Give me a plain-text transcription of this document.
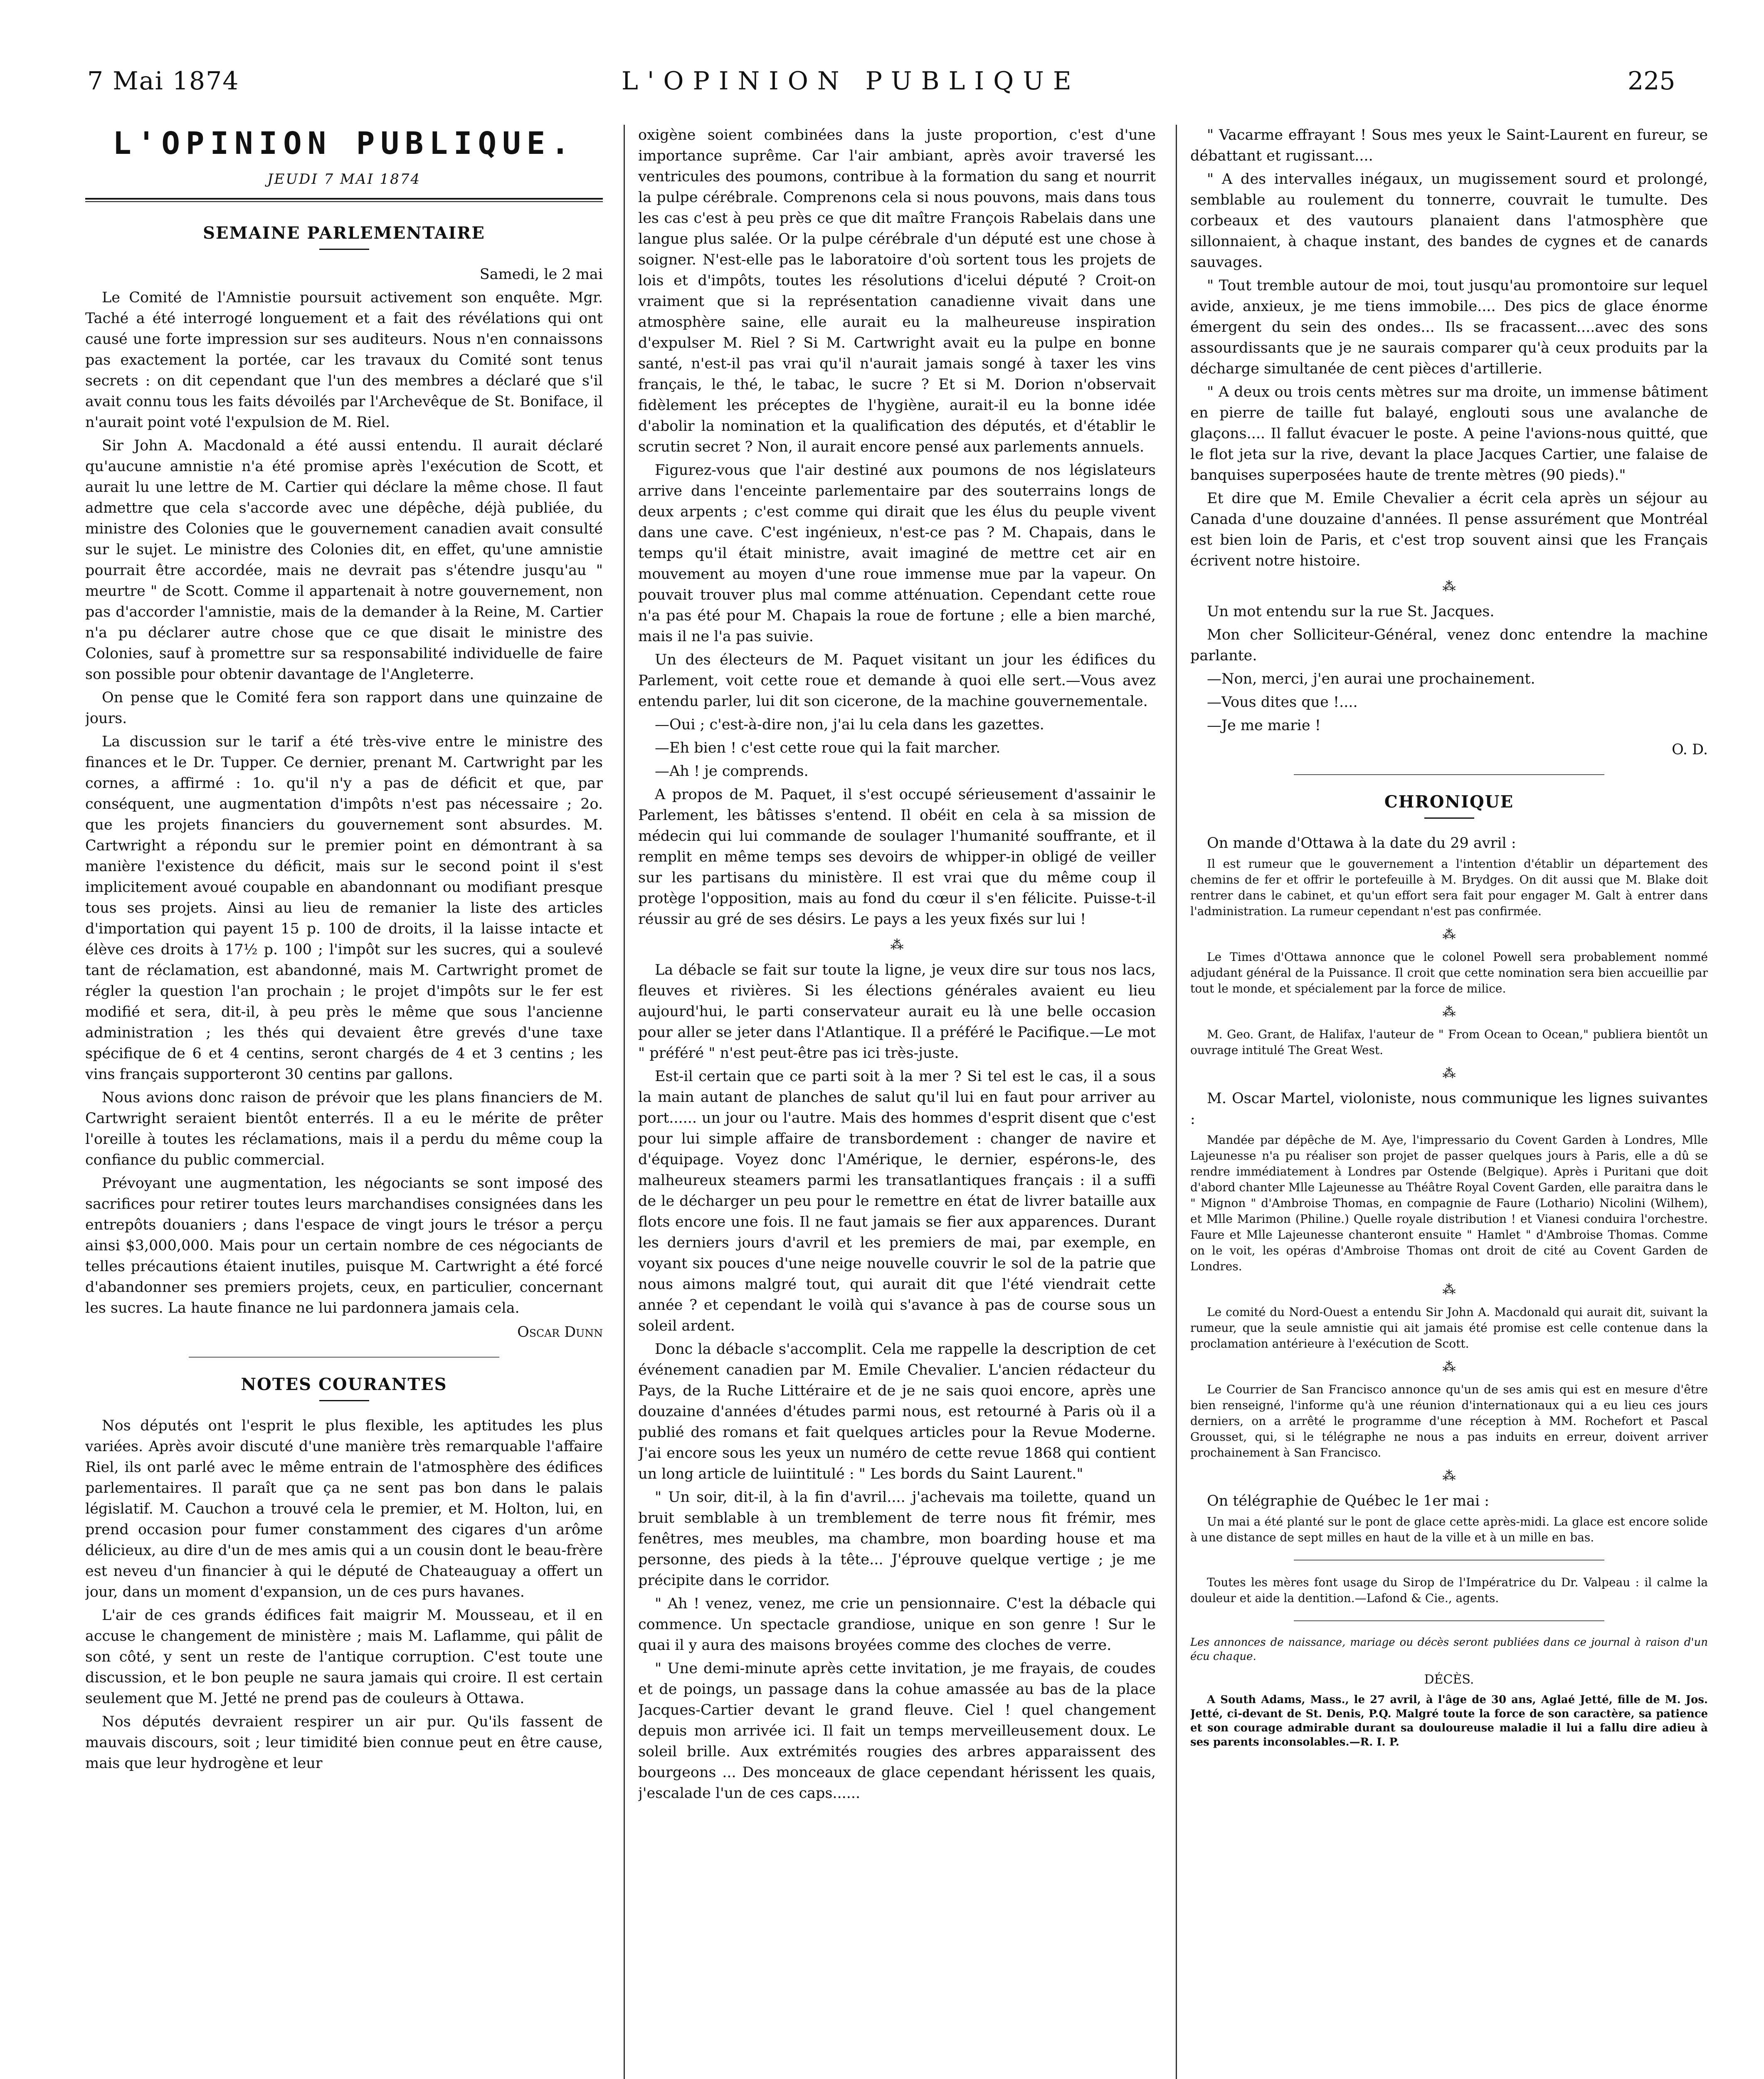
7 Mai 1874	L'OPINION PUBLIQUE	225
L'OPINION PUBLIQUE.
JEUDI 7 MAI 1874
SEMAINE PARLEMENTAIRE

Samedi, le 2 mai

Le Comité de l'Amnistie poursuit activement son enquête. Mgr. Taché a été interrogé longuement et a fait des révélations qui ont causé une forte impression sur ses auditeurs. Nous n'en connaissons pas exactement la portée, car les travaux du Comité sont tenus secrets : on dit cependant que l'un des membres a déclaré que s'il avait connu tous les faits dévoilés par l'Archevêque de St. Boniface, il n'aurait point voté l'expulsion de M. Riel.

Sir John A. Macdonald a été aussi entendu. Il aurait déclaré qu'aucune amnistie n'a été promise après l'exécution de Scott, et aurait lu une lettre de M. Cartier qui déclare la même chose. Il faut admettre que cela s'accorde avec une dépêche, déjà publiée, du ministre des Colonies que le gouvernement canadien avait consulté sur le sujet. Le ministre des Colonies dit, en effet, qu'une amnistie pourrait être accordée, mais ne devrait pas s'étendre jusqu'au " meurtre " de Scott. Comme il appartenait à notre gouvernement, non pas d'accorder l'amnistie, mais de la demander à la Reine, M. Cartier n'a pu déclarer autre chose que ce que disait le ministre des Colonies, sauf à promettre sur sa responsabilité individuelle de faire son possible pour obtenir davantage de l'Angleterre.

On pense que le Comité fera son rapport dans une quinzaine de jours.

La discussion sur le tarif a été très-vive entre le ministre des finances et le Dr. Tupper. Ce dernier, prenant M. Cartwright par les cornes, a affirmé : 1o. qu'il n'y a pas de déficit et que, par conséquent, une augmentation d'impôts n'est pas nécessaire ; 2o. que les projets financiers du gouvernement sont absurdes. M. Cartwright a répondu sur le premier point en démontrant à sa manière l'existence du déficit, mais sur le second point il s'est implicitement avoué coupable en abandonnant ou modifiant presque tous ses projets. Ainsi au lieu de remanier la liste des articles d'importation qui payent 15 p. 100 de droits, il la laisse intacte et élève ces droits à 17½ p. 100 ; l'impôt sur les sucres, qui a soulevé tant de réclamation, est abandonné, mais M. Cartwright promet de régler la question l'an prochain ; le projet d'impôts sur le fer est modifié et sera, dit-il, à peu près le même que sous l'ancienne administration ; les thés qui devaient être grevés d'une taxe spécifique de 6 et 4 centins, seront chargés de 4 et 3 centins ; les vins français supporteront 30 centins par gallons.

Nous avions donc raison de prévoir que les plans financiers de M. Cartwright seraient bientôt enterrés. Il a eu le mérite de prêter l'oreille à toutes les réclamations, mais il a perdu du même coup la confiance du public commercial.

Prévoyant une augmentation, les négociants se sont imposé des sacrifices pour retirer toutes leurs marchandises consignées dans les entrepôts douaniers ; dans l'espace de vingt jours le trésor a perçu ainsi $3,000,000. Mais pour un certain nombre de ces négociants de telles précautions étaient inutiles, puisque M. Cartwright a été forcé d'abandonner ses premiers projets, ceux, en particulier, concernant les sucres. La haute finance ne lui pardonnera jamais cela.

Oscar Dunn

NOTES COURANTES

Nos députés ont l'esprit le plus flexible, les aptitudes les plus variées. Après avoir discuté d'une manière très remarquable l'affaire Riel, ils ont parlé avec le même entrain de l'atmosphère des édifices parlementaires. Il paraît que ça ne sent pas bon dans le palais législatif. M. Cauchon a trouvé cela le premier, et M. Holton, lui, en prend occasion pour fumer constamment des cigares d'un arôme délicieux, au dire d'un de mes amis qui a un cousin dont le beau-frère est neveu d'un financier à qui le député de Chateauguay a offert un jour, dans un moment d'expansion, un de ces purs havanes.

L'air de ces grands édifices fait maigrir M. Mousseau, et il en accuse le changement de ministère ; mais M. Laflamme, qui pâlit de son côté, y sent un reste de l'antique corruption. C'est toute une discussion, et le bon peuple ne saura jamais qui croire. Il est certain seulement que M. Jetté ne prend pas de couleurs à Ottawa.

Nos députés devraient respirer un air pur. Qu'ils fassent de mauvais discours, soit ; leur timidité bien connue peut en être cause, mais que leur hydrogène et leur

oxigène soient combinées dans la juste proportion, c'est d'une importance suprême. Car l'air ambiant, après avoir traversé les ventricules des poumons, contribue à la formation du sang et nourrit la pulpe cérébrale. Comprenons cela si nous pouvons, mais dans tous les cas c'est à peu près ce que dit maître François Rabelais dans une langue plus salée. Or la pulpe cérébrale d'un député est une chose à soigner. N'est-elle pas le laboratoire d'où sortent tous les projets de lois et d'impôts, toutes les résolutions d'icelui député ? Croit-on vraiment que si la représentation canadienne vivait dans une atmosphère saine, elle aurait eu la malheureuse inspiration d'expulser M. Riel ? Si M. Cartwright avait eu la pulpe en bonne santé, n'est-il pas vrai qu'il n'aurait jamais songé à taxer les vins français, le thé, le tabac, le sucre ? Et si M. Dorion n'observait fidèlement les préceptes de l'hygiène, aurait-il eu la bonne idée d'abolir la nomination et la qualification des députés, et d'établir le scrutin secret ? Non, il aurait encore pensé aux parlements annuels.

Figurez-vous que l'air destiné aux poumons de nos législateurs arrive dans l'enceinte parlementaire par des souterrains longs de deux arpents ; c'est comme qui dirait que les élus du peuple vivent dans une cave. C'est ingénieux, n'est-ce pas ? M. Chapais, dans le temps qu'il était ministre, avait imaginé de mettre cet air en mouvement au moyen d'une roue immense mue par la vapeur. On pouvait trouver plus mal comme atténuation. Cependant cette roue n'a pas été pour M. Chapais la roue de fortune ; elle a bien marché, mais il ne l'a pas suivie.

Un des électeurs de M. Paquet visitant un jour les édifices du Parlement, voit cette roue et demande à quoi elle sert.—Vous avez entendu parler, lui dit son cicerone, de la machine gouvernementale.

—Oui ; c'est-à-dire non, j'ai lu cela dans les gazettes.

—Eh bien ! c'est cette roue qui la fait marcher.

—Ah ! je comprends.

A propos de M. Paquet, il s'est occupé sérieusement d'assainir le Parlement, les bâtisses s'entend. Il obéit en cela à sa mission de médecin qui lui commande de soulager l'humanité souffrante, et il remplit en même temps ses devoirs de whipper-in obligé de veiller sur les partisans du ministère. Il est vrai que du même coup il protège l'opposition, mais au fond du cœur il s'en félicite. Puisse-t-il réussir au gré de ses désirs. Le pays a les yeux fixés sur lui !

⁂

La débacle se fait sur toute la ligne, je veux dire sur tous nos lacs, fleuves et rivières. Si les élections générales avaient eu lieu aujourd'hui, le parti conservateur aurait eu là une belle occasion pour aller se jeter dans l'Atlantique. Il a préféré le Pacifique.—Le mot " préféré " n'est peut-être pas ici très-juste.

Est-il certain que ce parti soit à la mer ? Si tel est le cas, il a sous la main autant de planches de salut qu'il lui en faut pour arriver au port...... un jour ou l'autre. Mais des hommes d'esprit disent que c'est pour lui simple affaire de transbordement : changer de navire et d'équipage. Voyez donc l'Amérique, le dernier, espérons-le, des malheureux steamers parmi les transatlantiques français : il a suffi de le décharger un peu pour le remettre en état de livrer bataille aux flots encore une fois. Il ne faut jamais se fier aux apparences. Durant les derniers jours d'avril et les premiers de mai, par exemple, en voyant six pouces d'une neige nouvelle couvrir le sol de la patrie que nous aimons malgré tout, qui aurait dit que l'été viendrait cette année ? et cependant le voilà qui s'avance à pas de course sous un soleil ardent.

Donc la débacle s'accomplit. Cela me rappelle la description de cet événement canadien par M. Emile Chevalier. L'ancien rédacteur du Pays, de la Ruche Littéraire et de je ne sais quoi encore, après une douzaine d'années d'études parmi nous, est retourné à Paris où il a publié des romans et fait quelques articles pour la Revue Moderne. J'ai encore sous les yeux un numéro de cette revue 1868 qui contient un long article de luiintitulé : " Les bords du Saint Laurent."

" Un soir, dit-il, à la fin d'avril.... j'achevais ma toilette, quand un bruit semblable à un tremblement de terre nous fit frémir, mes fenêtres, mes meubles, ma chambre, mon boarding house et ma personne, des pieds à la tête... J'éprouve quelque vertige ; je me précipite dans le corridor.

" Ah ! venez, venez, me crie un pensionnaire. C'est la débacle qui commence. Un spectacle grandiose, unique en son genre ! Sur le quai il y aura des maisons broyées comme des cloches de verre.

" Une demi-minute après cette invitation, je me frayais, de coudes et de poings, un passage dans la cohue amassée au bas de la place Jacques-Cartier devant le grand fleuve. Ciel ! quel changement depuis mon arrivée ici. Il fait un temps merveilleusement doux. Le soleil brille. Aux extrémités rougies des arbres apparaissent des bourgeons ... Des monceaux de glace cependant hérissent les quais, j'escalade l'un de ces caps......

" Vacarme effrayant ! Sous mes yeux le Saint-Laurent en fureur, se débattant et rugissant....

" A des intervalles inégaux, un mugissement sourd et prolongé, semblable au roulement du tonnerre, couvrait le tumulte. Des corbeaux et des vautours planaient dans l'atmosphère que sillonnaient, à chaque instant, des bandes de cygnes et de canards sauvages.

" Tout tremble autour de moi, tout jusqu'au promontoire sur lequel avide, anxieux, je me tiens immobile.... Des pics de glace énorme émergent du sein des ondes... Ils se fracassent....avec des sons assourdissants que je ne saurais comparer qu'à ceux produits par la décharge simultanée de cent pièces d'artillerie.

" A deux ou trois cents mètres sur ma droite, un immense bâtiment en pierre de taille fut balayé, englouti sous une avalanche de glaçons.... Il fallut évacuer le poste. A peine l'avions-nous quitté, que le flot jeta sur la rive, devant la place Jacques Cartier, une falaise de banquises superposées haute de trente mètres (90 pieds)."

Et dire que M. Emile Chevalier a écrit cela après un séjour au Canada d'une douzaine d'années. Il pense assurément que Montréal est bien loin de Paris, et c'est trop souvent ainsi que les Français écrivent notre histoire.

⁂

Un mot entendu sur la rue St. Jacques.

Mon cher Solliciteur-Général, venez donc entendre la machine parlante.

—Non, merci, j'en aurai une prochainement.

—Vous dites que !....

—Je me marie !

O. D.

CHRONIQUE

On mande d'Ottawa à la date du 29 avril :

Il est rumeur que le gouvernement a l'intention d'établir un département des chemins de fer et offrir le portefeuille à M. Brydges. On dit aussi que M. Blake doit rentrer dans le cabinet, et qu'un effort sera fait pour engager M. Galt à entrer dans l'administration. La rumeur cependant n'est pas confirmée.

⁂

Le Times d'Ottawa annonce que le colonel Powell sera probablement nommé adjudant général de la Puissance. Il croit que cette nomination sera bien accueillie par tout le monde, et spécialement par la force de milice.

⁂

M. Geo. Grant, de Halifax, l'auteur de " From Ocean to Ocean," publiera bientôt un ouvrage intitulé The Great West.

⁂

M. Oscar Martel, violoniste, nous communique les lignes suivantes :

Mandée par dépêche de M. Aye, l'impressario du Covent Garden à Londres, Mlle Lajeunesse n'a pu réaliser son projet de passer quelques jours à Paris, elle a dû se rendre immédiatement à Londres par Ostende (Belgique). Après i Puritani que doit d'abord chanter Mlle Lajeunesse au Théâtre Royal Covent Garden, elle paraitra dans le " Mignon " d'Ambroise Thomas, en compagnie de Faure (Lothario) Nicolini (Wilhem), et Mlle Marimon (Philine.) Quelle royale distribution ! et Vianesi conduira l'orchestre. Faure et Mlle Lajeunesse chanteront ensuite " Hamlet " d'Ambroise Thomas. Comme on le voit, les opéras d'Ambroise Thomas ont droit de cité au Covent Garden de Londres.

⁂

Le comité du Nord-Ouest a entendu Sir John A. Macdonald qui aurait dit, suivant la rumeur, que la seule amnistie qui ait jamais été promise est celle contenue dans la proclamation antérieure à l'exécution de Scott.

⁂

Le Courrier de San Francisco annonce qu'un de ses amis qui est en mesure d'être bien renseigné, l'informe qu'à une réunion d'internationaux qui a eu lieu ces jours derniers, on a arrêté le programme d'une réception à MM. Rochefort et Pascal Grousset, qui, si le télégraphe ne nous a pas induits en erreur, doivent arriver prochainement à San Francisco.

⁂

On télégraphie de Québec le 1er mai :

Un mai a été planté sur le pont de glace cette après-midi. La glace est encore solide à une distance de sept milles en haut de la ville et à un mille en bas.

Toutes les mères font usage du Sirop de l'Impératrice du Dr. Valpeau : il calme la douleur et aide la dentition.—Lafond & Cie., agents.

Les annonces de naissance, mariage ou décès seront publiées dans ce journal à raison d'un écu chaque.

DÉCÈS.

A South Adams, Mass., le 27 avril, à l'âge de 30 ans, Aglaé Jetté, fille de M. Jos. Jetté, ci-devant de St. Denis, P.Q. Malgré toute la force de son caractère, sa patience et son courage admirable durant sa douloureuse maladie il lui a fallu dire adieu à ses parents inconsolables.—R. I. P.
